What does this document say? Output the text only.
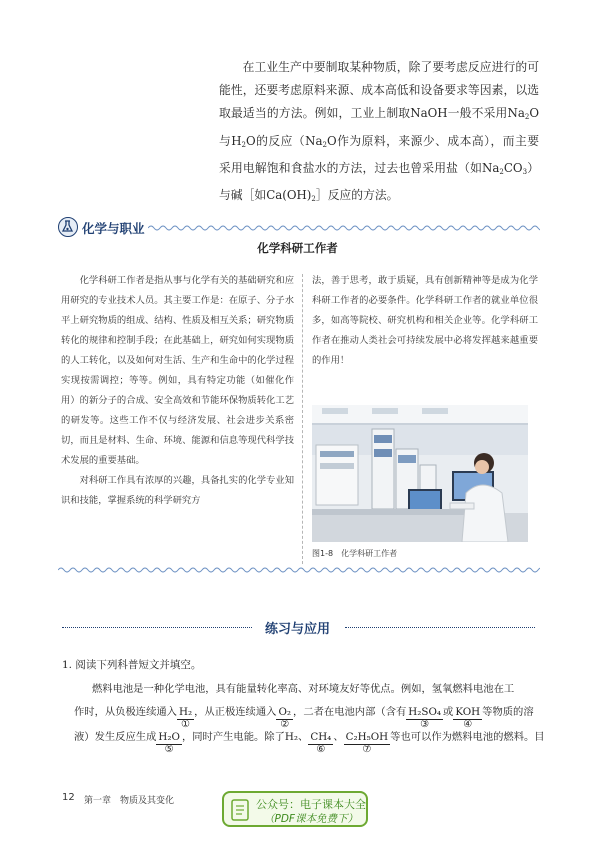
在工业生产中要制取某种物质，除了要考虑反应进行的可能性，还要考虑原料来源、成本高低和设备要求等因素，以选取最适当的方法。例如，工业上制取NaOH一般不采用$Na_2O$与$H_2O$的反应（$Na_2O$作为原料，来源少、成本高），而主要采用电解饱和食盐水的方法，过去也曾采用盐（如$Na_2CO_3$）与碱［如$Ca(OH)_2]$反应的方法。

化学与职业
化学科研工作者

化学科研工作者是指从事与化学有关的基础研究和应用研究的专业技术人员。其主要工作是：在原子、分子水平上研究物质的组成、结构、性质及相互关系；研究物质转化的规律和控制手段；在此基础上，研究如何实现物质的人工转化，以及如何对生活、生产和生命中的化学过程实现按需调控；等等。例如，具有特定功能（如催化作用）的新分子的合成、安全高效和节能环保物质转化工艺的研发等。这些工作不仅与经济发展、社会进步关系密切，而且是材料、生命、环境、能源和信息等现代科学技术发展的重要基础。

对科研工作具有浓厚的兴趣，具备扎实的化学专业知识和技能，掌握系统的科学研究方

法，善于思考，敢于质疑，具有创新精神等是成为化学科研工作者的必要条件。化学科研工作者的就业单位很多，如高等院校、研究机构和相关企业等。化学科研工作者在推动人类社会可持续发展中必将发挥越来越重要的作用！

图1-8　化学科研工作者
练习与应用
1. 阅读下列科普短文并填空。
燃料电池是一种化学电池，具有能量转化率高、对环境友好等优点。例如，氢氧燃料电池在工
作时，从负极连续通入 H₂
①
，从正极连续通入 O₂
②
，二者在电池内部（含有 H₂SO₄
③
或 KOH
④
等物质的溶
液）发生反应生成 H₂O
⑤
，同时产生电能。除了H₂、 CH₄
⑥
、 C₂H₅OH
⑦
等也可以作为燃料电池的燃料。目
12 第一章　物质及其变化	公众号：电子课本大全
（PDF课本免费下）
